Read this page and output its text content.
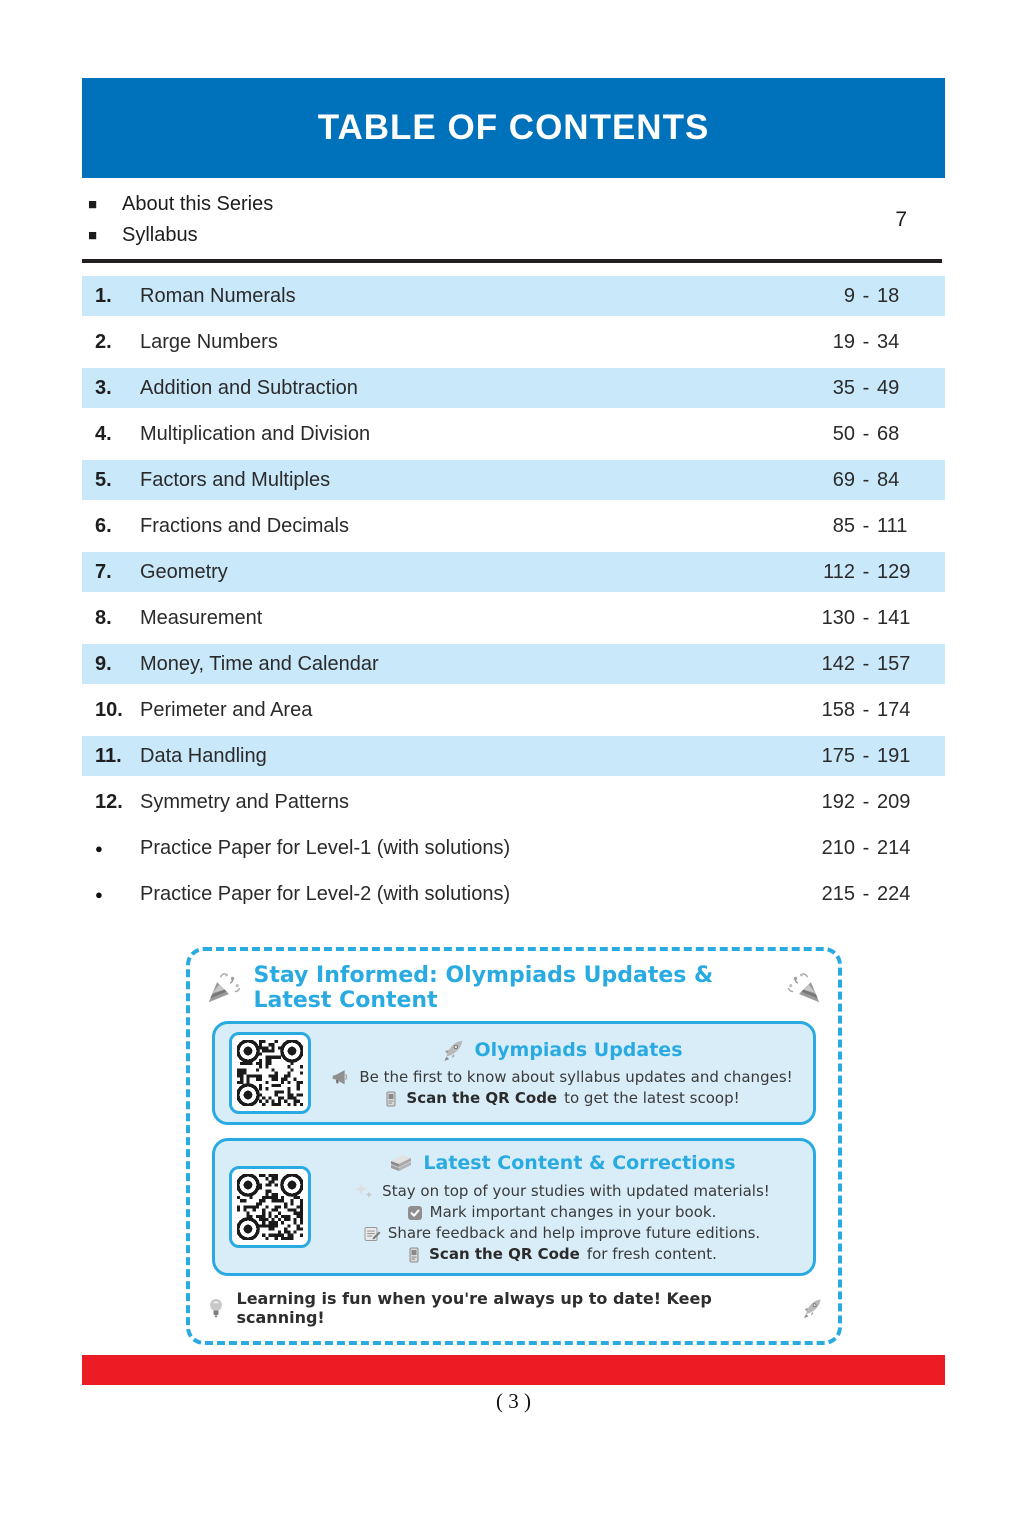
TABLE OF CONTENTS
■	About this Series
■	Syllabus
7
1.	Roman Numerals	9 - 18
2.	Large Numbers	19 - 34
3.	Addition and Subtraction	35 - 49
4.	Multiplication and Division	50 - 68
5.	Factors and Multiples	69 - 84
6.	Fractions and Decimals	85 - 111
7.	Geometry	112 - 129
8.	Measurement	130 - 141
9.	Money, Time and Calendar	142 - 157
10. Perimeter and Area	158 - 174
11. Data Handling	175 - 191
12. Symmetry and Patterns	192 - 209
●	Practice Paper for Level-1 (with solutions)	210 - 214
●	Practice Paper for Level-2 (with solutions)	215 - 224
Stay Informed: Olympiads Updates & Latest Content
Olympiads Updates
Be the first to know about syllabus updates and changes!
Scan the QR Code to get the latest scoop!
Latest Content & Corrections
Stay on top of your studies with updated materials!
Mark important changes in your book.
Share feedback and help improve future editions.
Scan the QR Code for fresh content.
Learning is fun when you're always up to date! Keep scanning!
( 3 )
